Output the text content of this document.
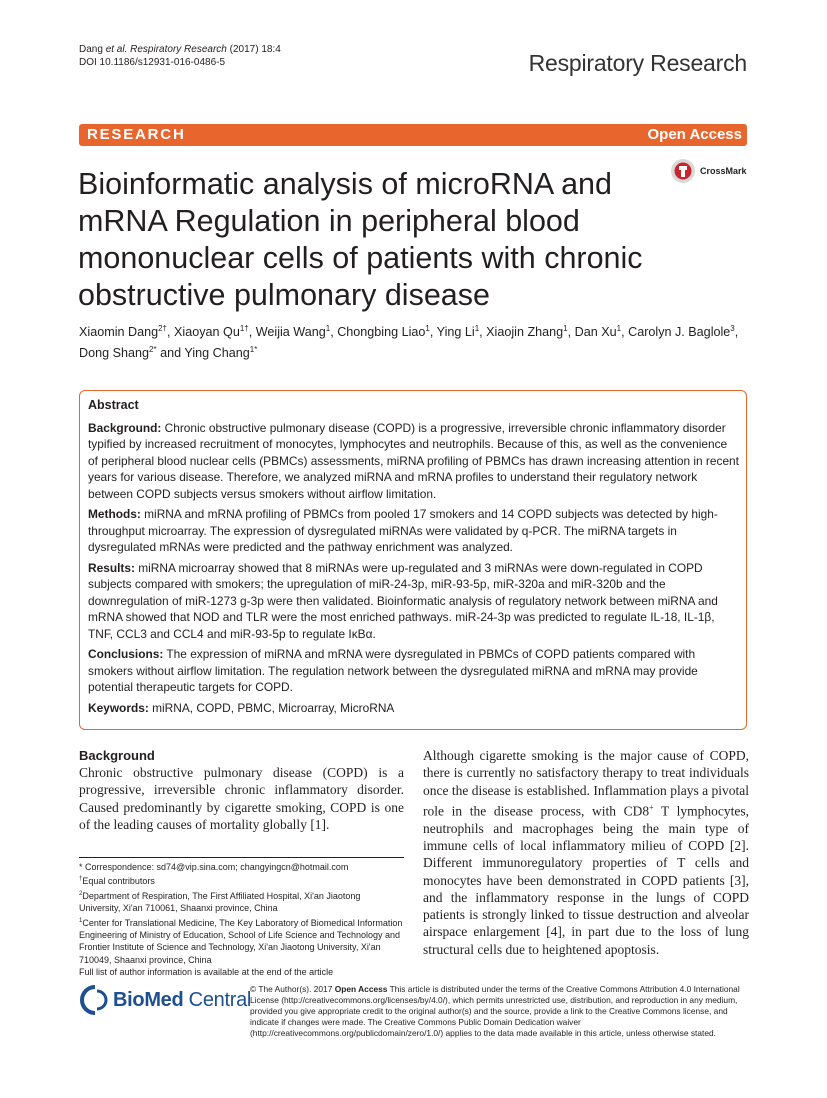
Dang et al. Respiratory Research (2017) 18:4
DOI 10.1186/s12931-016-0486-5	Respiratory Research
RESEARCH	Open Access
CrossMark
Bioinformatic analysis of microRNA and mRNA Regulation in peripheral blood mononuclear cells of patients with chronic obstructive pulmonary disease
Xiaomin Dang$^{2\dagger}$, Xiaoyan $Qu^{1\dagger}$, Weijia Wang$^1$, Chongbing Liao$^1$, Ying Li$^1$, Xiaojin Zhang$^1$, Dan Xu$^1$, Carolyn J. Baglole$^3$, Dong Shang$^{2*}$ and Ying Chang$^{1*}$
Abstract

Background: Chronic obstructive pulmonary disease (COPD) is a progressive, irreversible chronic inflammatory disorder typified by increased recruitment of monocytes, lymphocytes and neutrophils. Because of this, as well as the convenience of peripheral blood nuclear cells (PBMCs) assessments, miRNA profiling of PBMCs has drawn increasing attention in recent years for various disease. Therefore, we analyzed miRNA and mRNA profiles to understand their regulatory network between COPD subjects versus smokers without airflow limitation.

Methods: miRNA and mRNA profiling of PBMCs from pooled 17 smokers and 14 COPD subjects was detected by high-throughput microarray. The expression of dysregulated miRNAs were validated by q-PCR. The miRNA targets in dysregulated mRNAs were predicted and the pathway enrichment was analyzed.

Results: miRNA microarray showed that 8 miRNAs were up-regulated and 3 miRNAs were down-regulated in COPD subjects compared with smokers; the upregulation of miR-24-3p, miR-93-5p, miR-320a and miR-320b and the downregulation of miR-1273 g-3p were then validated. Bioinformatic analysis of regulatory network between miRNA and mRNA showed that NOD and TLR were the most enriched pathways. miR-24-3p was predicted to regulate IL-18, IL-1β, TNF, CCL3 and CCL4 and miR-93-5p to regulate IκBα.

Conclusions: The expression of miRNA and mRNA were dysregulated in PBMCs of COPD patients compared with smokers without airflow limitation. The regulation network between the dysregulated miRNA and mRNA may provide potential therapeutic targets for COPD.

Keywords: miRNA, COPD, PBMC, Microarray, MicroRNA

Background

Chronic obstructive pulmonary disease (COPD) is a progressive, irreversible chronic inflammatory disorder. Caused predominantly by cigarette smoking, COPD is one of the leading causes of mortality globally [1].

* Correspondence: sd74@vip.sina.com; changyingcn@hotmail.com

†Equal contributors

$^2$Department of Respiration, The First Affiliated Hospital, Xi'an Jiaotong University, Xi'an 710061, Shaanxi province, China

$^1$Center for Translational Medicine, The Key Laboratory of Biomedical Information Engineering of Ministry of Education, School of Life Science and Technology and Frontier Institute of Science and Technology, Xi'an Jiaotong University, Xi'an 710049, Shaanxi province, China

Full list of author information is available at the end of the article

Although cigarette smoking is the major cause of COPD, there is currently no satisfactory therapy to treat individuals once the disease is established. Inflammation plays a pivotal role in the disease process, with CD8+ T lymphocytes, neutrophils and macrophages being the main type of immune cells of local inflammatory milieu of COPD [2]. Different immunoregulatory properties of T cells and monocytes have been demonstrated in COPD patients [3], and the inflammatory response in the lungs of COPD patients is strongly linked to tissue destruction and alveolar airspace enlargement [4], in part due to the loss of lung structural cells due to heightened apoptosis.

BioMed Central
© The Author(s). 2017 Open Access This article is distributed under the terms of the Creative Commons Attribution 4.0 International License (http://creativecommons.org/licenses/by/4.0/), which permits unrestricted use, distribution, and reproduction in any medium, provided you give appropriate credit to the original author(s) and the source, provide a link to the Creative Commons license, and indicate if changes were made. The Creative Commons Public Domain Dedication waiver (http://creativecommons.org/publicdomain/zero/1.0/) applies to the data made available in this article, unless otherwise stated.
